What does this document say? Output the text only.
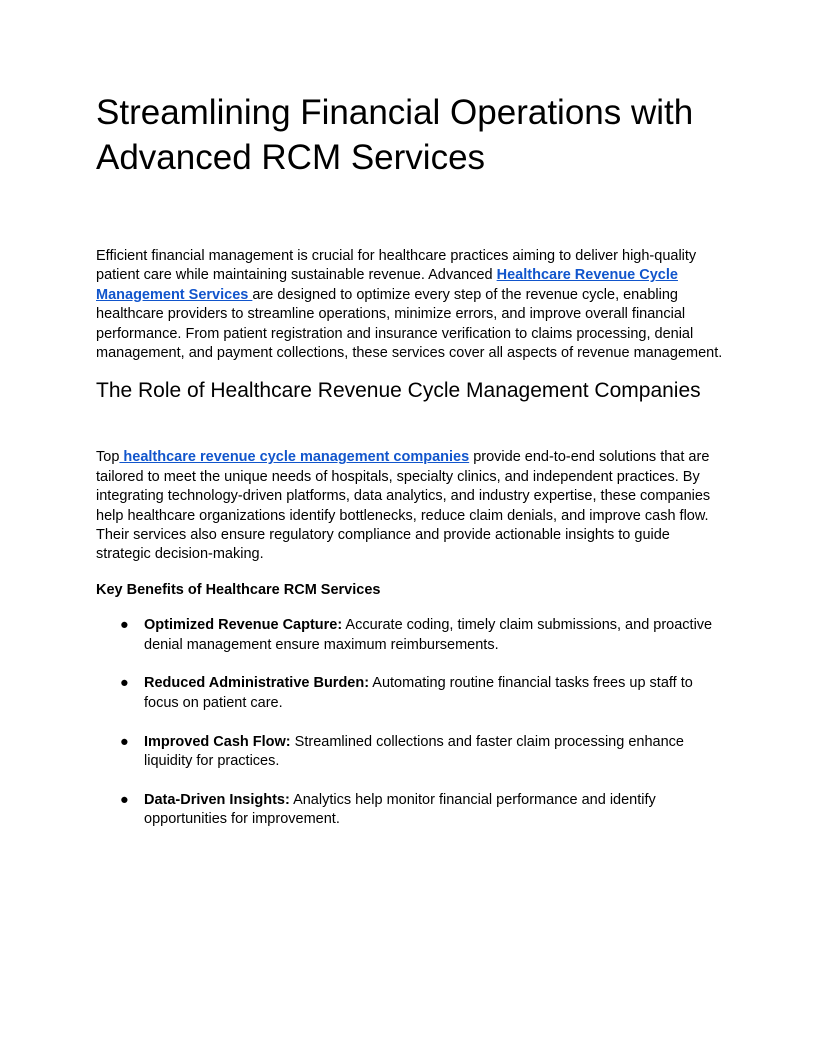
Streamlining Financial Operations with Advanced RCM Services

Efficient financial management is crucial for healthcare practices aiming to deliver high-quality patient care while maintaining sustainable revenue. Advanced Healthcare Revenue Cycle Management Services are designed to optimize every step of the revenue cycle, enabling healthcare providers to streamline operations, minimize errors, and improve overall financial performance. From patient registration and insurance verification to claims processing, denial management, and payment collections, these services cover all aspects of revenue management.

The Role of Healthcare Revenue Cycle Management Companies

Top healthcare revenue cycle management companies provide end-to-end solutions that are tailored to meet the unique needs of hospitals, specialty clinics, and independent practices. By integrating technology-driven platforms, data analytics, and industry expertise, these companies help healthcare organizations identify bottlenecks, reduce claim denials, and improve cash flow. Their services also ensure regulatory compliance and provide actionable insights to guide strategic decision-making.

Key Benefits of Healthcare RCM Services
● Optimized Revenue Capture: Accurate coding, timely claim submissions, and proactive denial management ensure maximum reimbursements.
● Reduced Administrative Burden: Automating routine financial tasks frees up staff to focus on patient care.
● Improved Cash Flow: Streamlined collections and faster claim processing enhance liquidity for practices.
● Data-Driven Insights: Analytics help monitor financial performance and identify opportunities for improvement.
